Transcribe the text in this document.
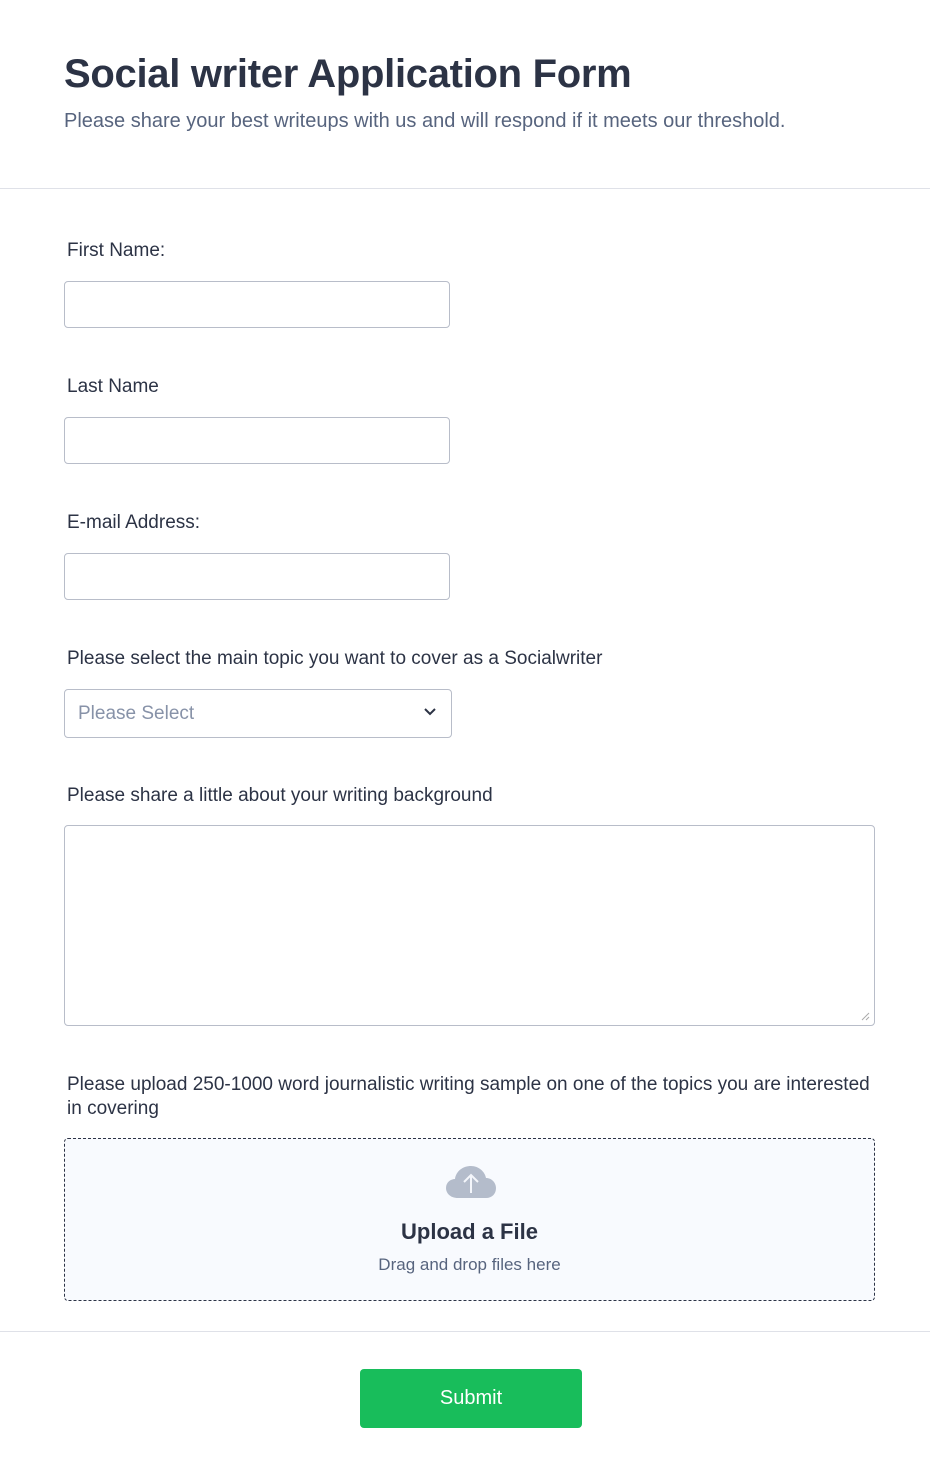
Social writer Application Form
Please share your best writeups with us and will respond if it meets our threshold.
First Name:
Last Name
E-mail Address:
Please select the main topic you want to cover as a Socialwriter
Please Select
Please share a little about your writing background
Please upload 250-1000 word journalistic writing sample on one of the topics you are interested in covering
Upload a File
Drag and drop files here
Submit
